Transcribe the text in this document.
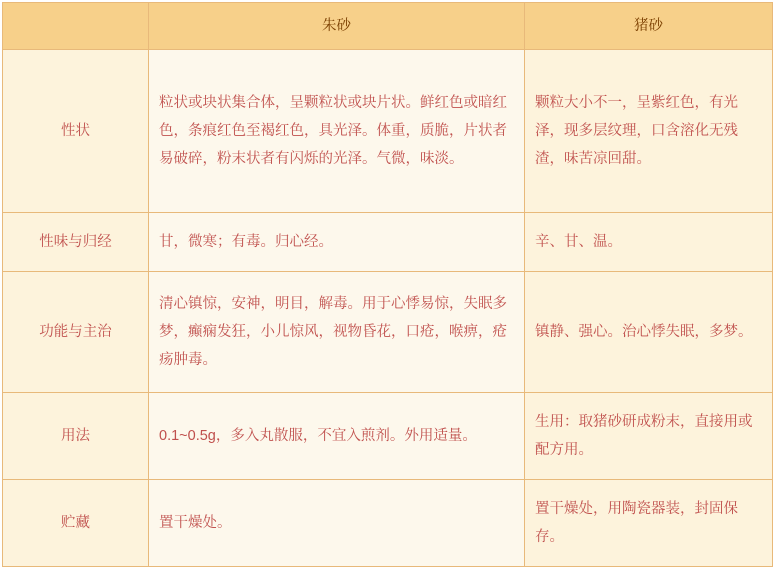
	朱砂	猪砂
性状	粒状或块状集合体，呈颗粒状或块片状。鲜红色或暗红色，条痕红色至褐红色，具光泽。体重，质脆，片状者易破碎，粉末状者有闪烁的光泽。气微，味淡。	颗粒大小不一，呈紫红色，有光泽，现多层纹理，口含溶化无残渣，味苦凉回甜。

性味与归经	甘，微寒；有毒。归心经。	辛、甘、温。

功能与主治	清心镇惊，安神，明目，解毒。用于心悸易惊，失眠多梦，癫痫发狂，小儿惊风，视物昏花，口疮，喉痹，疮疡肿毒。	镇静、强心。治心悸失眠，多梦。

用法	0.1~0.5g，多入丸散服，不宜入煎剂。外用适量。	生用：取猪砂研成粉末，直接用或配方用。

贮藏	置干燥处。	置干燥处，用陶瓷器装，封固保存。
